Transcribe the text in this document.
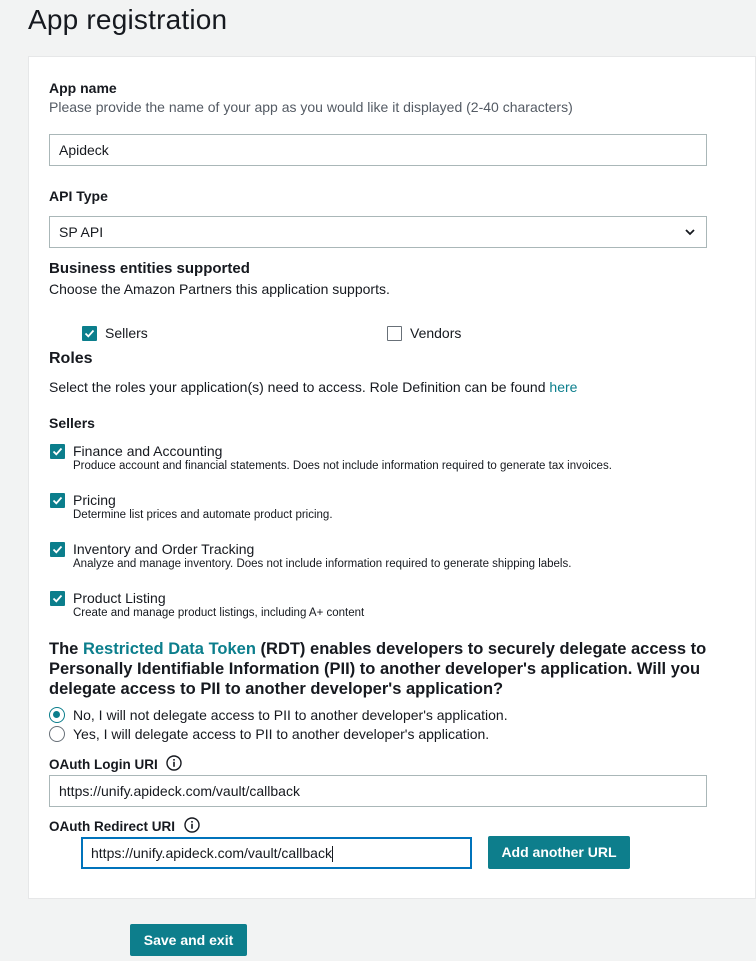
App registration
App name
Please provide the name of your app as you would like it displayed (2-40 characters)
Apideck
API Type
SP API
Business entities supported
Choose the Amazon Partners this application supports.
Sellers	Vendors
Roles
Select the roles your application(s) need to access. Role Definition can be found here
Sellers
Finance and Accounting
Produce account and financial statements. Does not include information required to generate tax invoices.
Pricing
Determine list prices and automate product pricing.
Inventory and Order Tracking
Analyze and manage inventory. Does not include information required to generate shipping labels.
Product Listing
Create and manage product listings, including A+ content
The Restricted Data Token (RDT) enables developers to securely delegate access to
Personally Identifiable Information (PII) to another developer's application. Will you
delegate access to PII to another developer's application?
No, I will not delegate access to PII to another developer's application.
Yes, I will delegate access to PII to another developer's application.
OAuth Login URI
https://unify.apideck.com/vault/callback
OAuth Redirect URI
https://unify.apideck.com/vault/callback	Add another URL
Save and exit
